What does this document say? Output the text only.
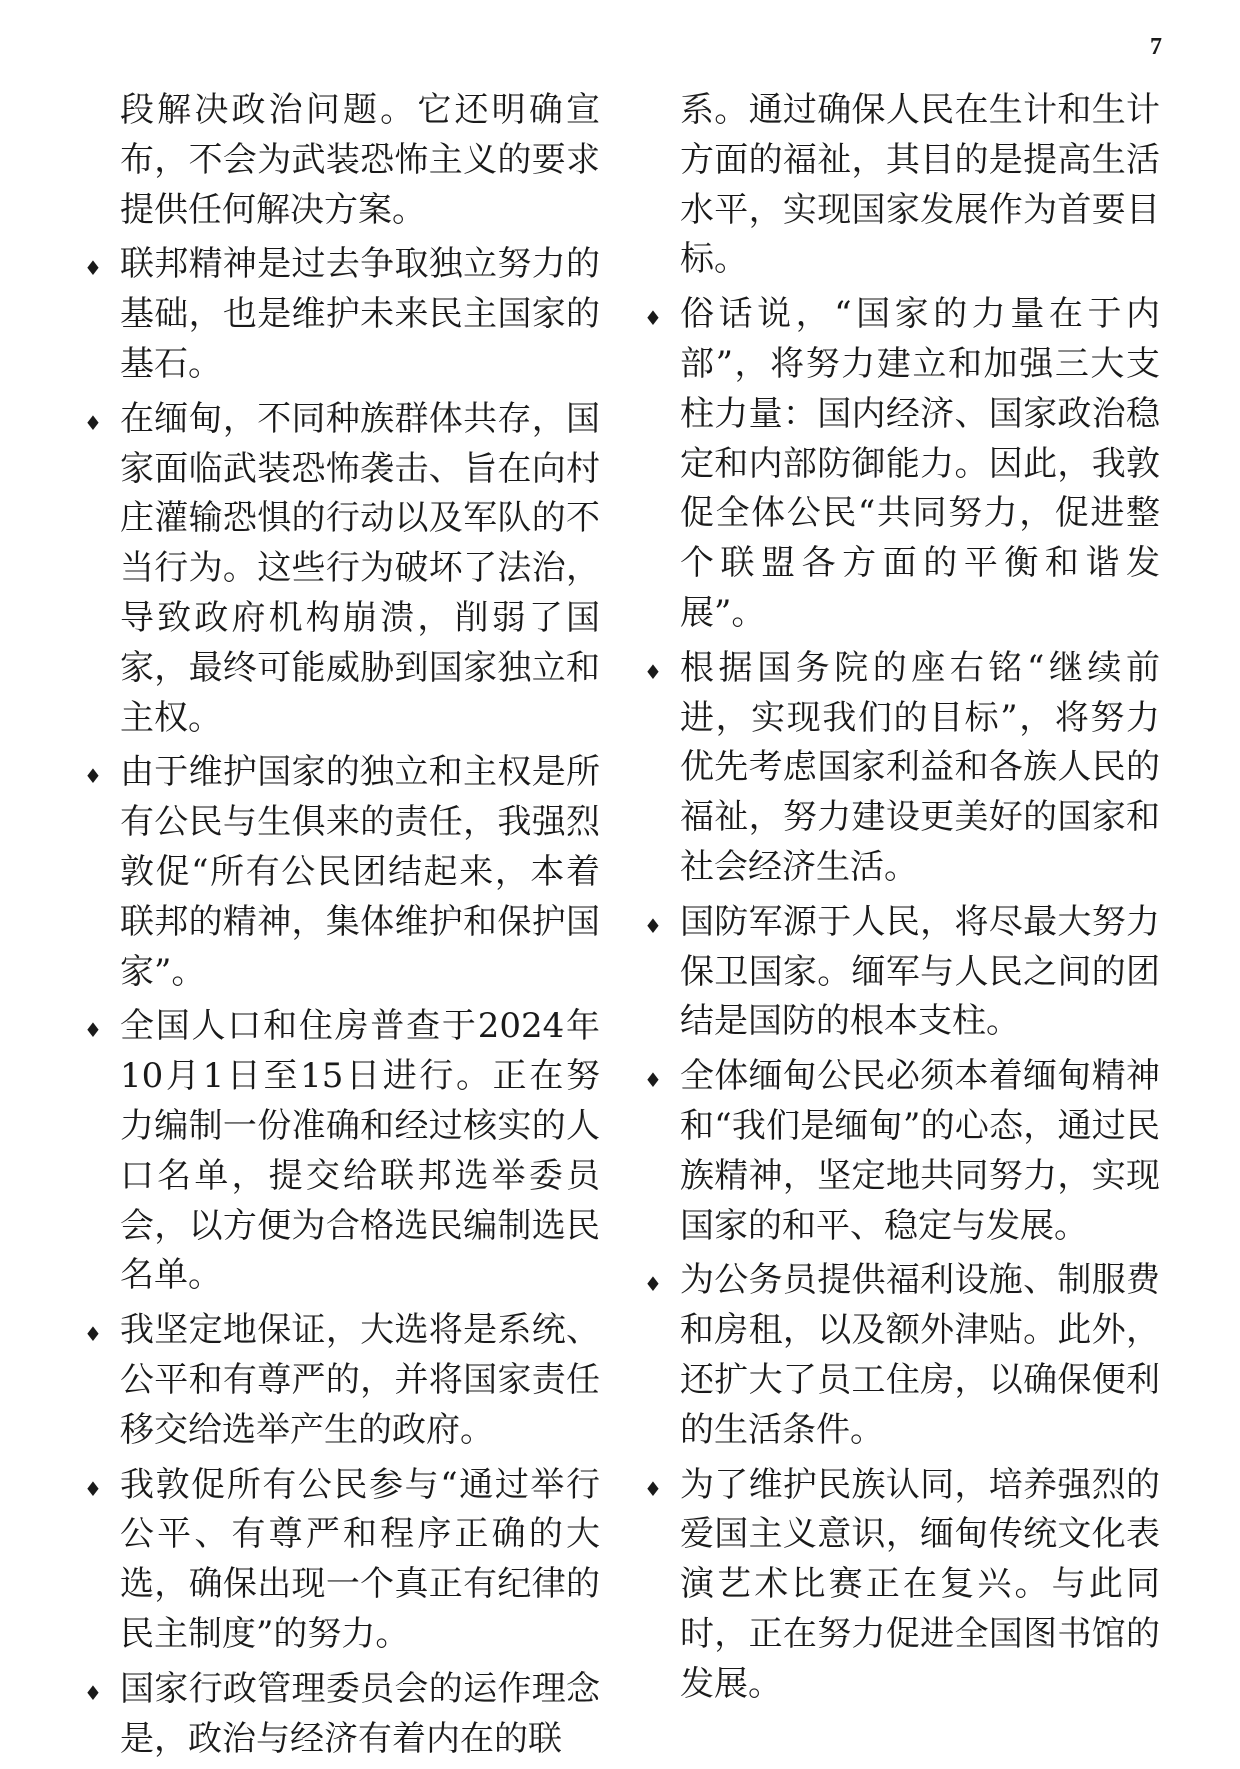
7
段解决政治问题。它还明确宣布，不会为武装恐怖主义的要求提供任何解决方案。
♦ 联邦精神是过去争取独立努力的基础，也是维护未来民主国家的基石。
♦ 在缅甸，不同种族群体共存，国家面临武装恐怖袭击、旨在向村庄灌输恐惧的行动以及军队的不当行为。这些行为破坏了法治，导致政府机构崩溃，削弱了国家，最终可能威胁到国家独立和主权。
♦ 由于维护国家的独立和主权是所有公民与生俱来的责任，我强烈敦促“所有公民团结起来，本着联邦的精神，集体维护和保护国家”。
♦ 全国人口和住房普查于2024年10月1日至15日进行。正在努力编制一份准确和经过核实的人口名单，提交给联邦选举委员会，以方便为合格选民编制选民名单。
♦ 我坚定地保证，大选将是系统、公平和有尊严的，并将国家责任移交给选举产生的政府。
♦ 我敦促所有公民参与“通过举行公平、有尊严和程序正确的大选，确保出现一个真正有纪律的民主制度”的努力。
♦ 国家行政管理委员会的运作理念是，政治与经济有着内在的联
系。通过确保人民在生计和生计方面的福祉，其目的是提高生活水平，实现国家发展作为首要目标。
♦ 俗话说，“国家的力量在于内部”，将努力建立和加强三大支柱力量：国内经济、国家政治稳定和内部防御能力。因此，我敦促全体公民“共同努力，促进整个联盟各方面的平衡和谐发展”。
♦ 根据国务院的座右铭“继续前进，实现我们的目标”，将努力优先考虑国家利益和各族人民的福祉，努力建设更美好的国家和社会经济生活。
♦ 国防军源于人民，将尽最大努力保卫国家。缅军与人民之间的团结是国防的根本支柱。
♦ 全体缅甸公民必须本着缅甸精神和“我们是缅甸”的心态，通过民族精神，坚定地共同努力，实现国家的和平、稳定与发展。
♦ 为公务员提供福利设施、制服费和房租，以及额外津贴。此外，还扩大了员工住房，以确保便利的生活条件。
♦ 为了维护民族认同，培养强烈的爱国主义意识，缅甸传统文化表演艺术比赛正在复兴。与此同时，正在努力促进全国图书馆的发展。
